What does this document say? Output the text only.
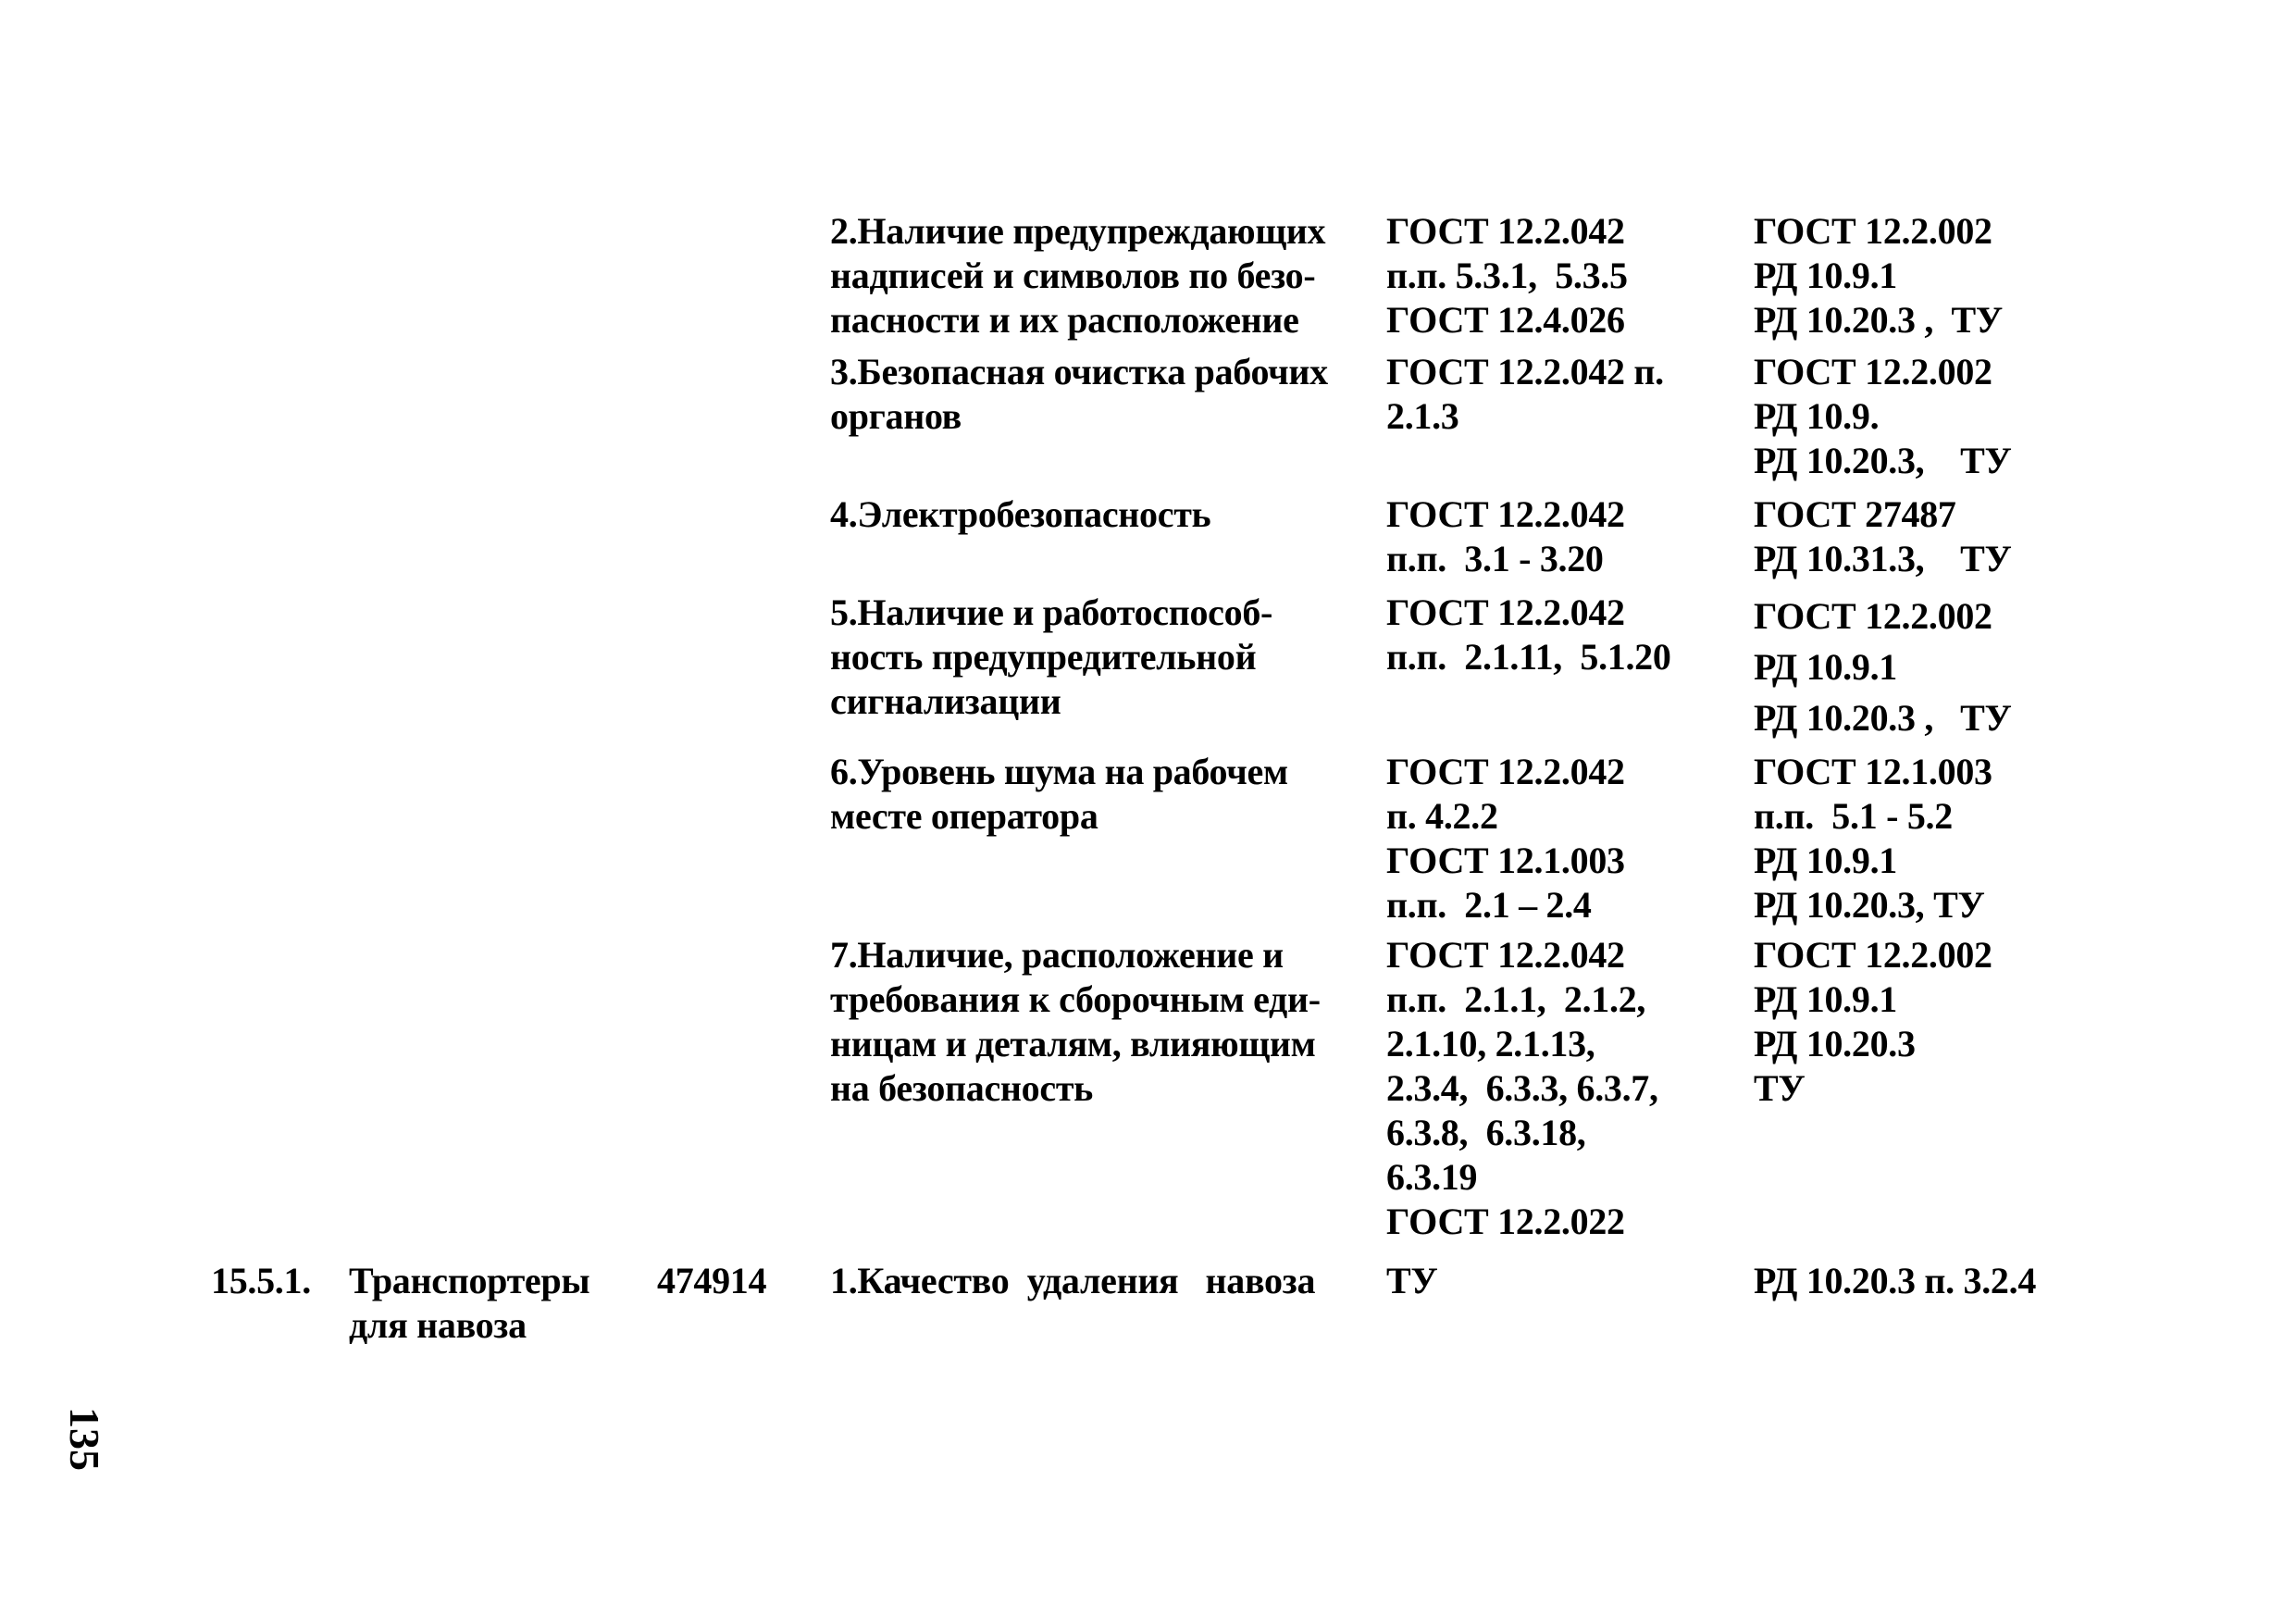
2.Наличие предупреждающих
надписей и символов по безо-
пасности и их расположение
ГОСТ 12.2.042
п.п. 5.3.1,  5.3.5
ГОСТ 12.4.026
ГОСТ 12.2.002
РД 10.9.1
РД 10.20.3 ,  ТУ
3.Безопасная очистка рабочих
органов
ГОСТ 12.2.042 п.
2.1.3
ГОСТ 12.2.002
РД 10.9.
РД 10.20.3,    ТУ
4.Электробезопасность	ГОСТ 12.2.042
п.п.  3.1 - 3.20
ГОСТ 27487
РД 10.31.3,    ТУ
5.Наличие и работоспособ-
ность предупредительной
сигнализации
ГОСТ 12.2.042
п.п.  2.1.11,  5.1.20
ГОСТ 12.2.002
РД 10.9.1
РД 10.20.3 ,   ТУ
6.Уровень шума на рабочем
месте оператора
ГОСТ 12.2.042
п. 4.2.2
ГОСТ 12.1.003
п.п.  2.1 – 2.4
ГОСТ 12.1.003
п.п.  5.1 - 5.2
РД 10.9.1
РД 10.20.3, ТУ
7.Наличие, расположение и
требования к сборочным еди-
ницам и деталям, влияющим
на безопасность
ГОСТ 12.2.042
п.п.  2.1.1,  2.1.2,
2.1.10, 2.1.13,
2.3.4,  6.3.3, 6.3.7,
6.3.8,  6.3.18,
6.3.19
ГОСТ 12.2.022
ГОСТ 12.2.002
РД 10.9.1
РД 10.20.3
ТУ
15.5.1. Транспортеры
для навоза
474914 1.Качество  удаления   навоза ТУ	РД 10.20.3 п. 3.2.4
135
